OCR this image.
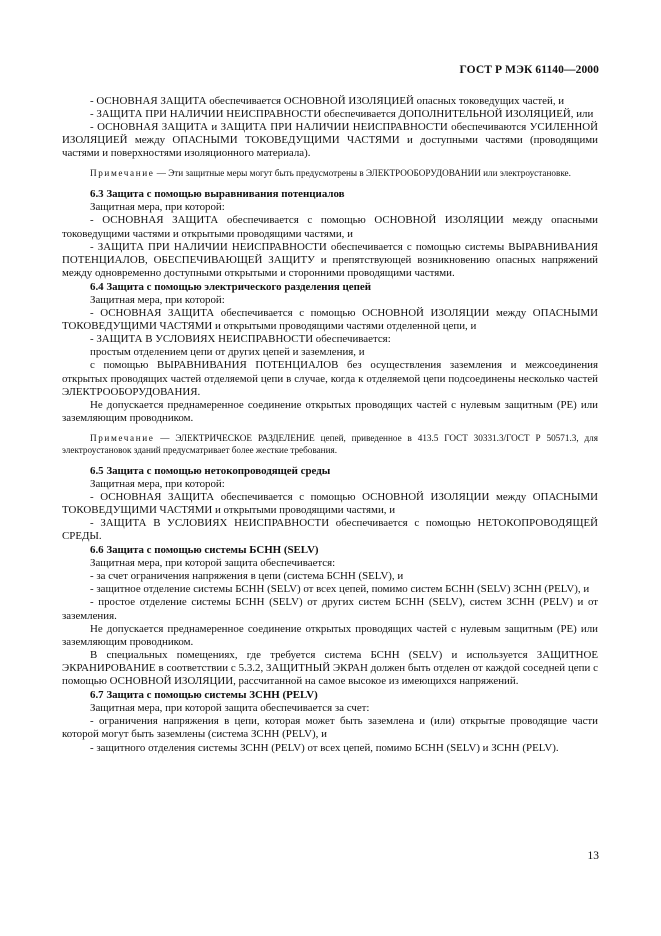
ГОСТ Р МЭК 61140—2000

- ОСНОВНАЯ ЗАЩИТА обеспечивается ОСНОВНОЙ ИЗОЛЯЦИЕЙ опасных токоведущих частей, и

- ЗАЩИТА ПРИ НАЛИЧИИ НЕИСПРАВНОСТИ обеспечивается ДОПОЛНИТЕЛЬНОЙ ИЗОЛЯЦИЕЙ, или

- ОСНОВНАЯ ЗАЩИТА и ЗАЩИТА ПРИ НАЛИЧИИ НЕИСПРАВНОСТИ обеспечиваются УСИЛЕННОЙ ИЗОЛЯЦИЕЙ между ОПАСНЫМИ ТОКОВЕДУЩИМИ ЧАСТЯМИ и доступными частями (проводящими частями и поверхностями изоляционного материала).

Примечание — Эти защитные меры могут быть предусмотрены в ЭЛЕКТРООБОРУДОВАНИИ или электроустановке.

6.3 Защита с помощью выравнивания потенциалов

Защитная мера, при которой:

- ОСНОВНАЯ ЗАЩИТА обеспечивается с помощью ОСНОВНОЙ ИЗОЛЯЦИИ между опасными токоведущими частями и открытыми проводящими частями, и

- ЗАЩИТА ПРИ НАЛИЧИИ НЕИСПРАВНОСТИ обеспечивается с помощью системы ВЫРАВНИВАНИЯ ПОТЕНЦИАЛОВ, ОБЕСПЕЧИВАЮЩЕЙ ЗАЩИТУ и препятствующей возникновению опасных напряжений между одновременно доступными открытыми и сторонними проводящими частями.

6.4 Защита с помощью электрического разделения цепей

Защитная мера, при которой:

- ОСНОВНАЯ ЗАЩИТА обеспечивается с помощью ОСНОВНОЙ ИЗОЛЯЦИИ между ОПАСНЫМИ ТОКОВЕДУЩИМИ ЧАСТЯМИ и открытыми проводящими частями отделенной цепи, и

- ЗАЩИТА В УСЛОВИЯХ НЕИСПРАВНОСТИ обеспечивается:

простым отделением цепи от других цепей и заземления, и

с помощью ВЫРАВНИВАНИЯ ПОТЕНЦИАЛОВ без осуществления заземления и межсоединения открытых проводящих частей отделяемой цепи в случае, когда к отделяемой цепи подсоединены несколько частей ЭЛЕКТРООБОРУДОВАНИЯ.

Не допускается преднамеренное соединение открытых проводящих частей с нулевым защитным (РЕ) или заземляющим проводником.

Примечание — ЭЛЕКТРИЧЕСКОЕ РАЗДЕЛЕНИЕ цепей, приведенное в 413.5 ГОСТ 30331.3/ГОСТ Р 50571.3, для электроустановок зданий предусматривает более жесткие требования.

6.5 Защита с помощью нетокопроводящей среды

Защитная мера, при которой:

- ОСНОВНАЯ ЗАЩИТА обеспечивается с помощью ОСНОВНОЙ ИЗОЛЯЦИИ между ОПАСНЫМИ ТОКОВЕДУЩИМИ ЧАСТЯМИ и открытыми проводящими частями, и

- ЗАЩИТА В УСЛОВИЯХ НЕИСПРАВНОСТИ обеспечивается с помощью НЕТОКОПРОВОДЯЩЕЙ СРЕДЫ.

6.6 Защита с помощью системы БСНН (SELV)

Защитная мера, при которой защита обеспечивается:

- за счет ограничения напряжения в цепи (система БСНН (SELV), и

- защитное отделение системы БСНН (SELV) от всех цепей, помимо систем БСНН (SELV) ЗСНН (PELV), и

- простое отделение системы БСНН (SELV) от других систем БСНН (SELV), систем ЗСНН (PELV) и от заземления.

Не допускается преднамеренное соединение открытых проводящих частей с нулевым защитным (РЕ) или заземляющим проводником.

В специальных помещениях, где требуется система БСНН (SELV) и используется ЗАЩИТНОЕ ЭКРАНИРОВАНИЕ в соответствии с 5.3.2, ЗАЩИТНЫЙ ЭКРАН должен быть отделен от каждой соседней цепи с помощью ОСНОВНОЙ ИЗОЛЯЦИИ, рассчитанной на самое высокое из имеющихся напряжений.

6.7 Защита с помощью системы ЗСНН (PELV)

Защитная мера, при которой защита обеспечивается за счет:

- ограничения напряжения в цепи, которая может быть заземлена и (или) открытые проводящие части которой могут быть заземлены (система ЗСНН (PELV), и

- защитного отделения системы ЗСНН (PELV) от всех цепей, помимо БСНН (SELV) и ЗСНН (PELV).

13
